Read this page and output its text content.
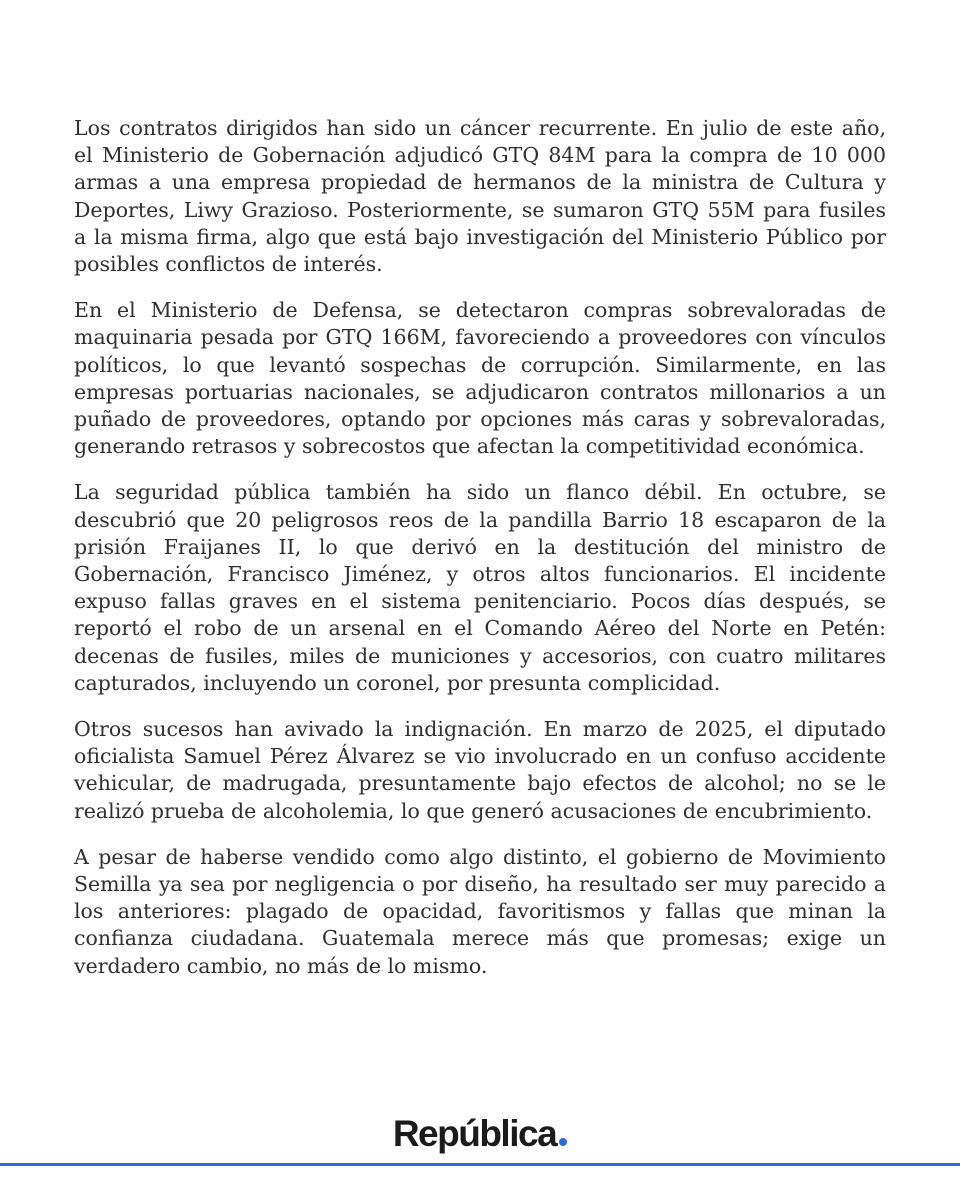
Los contratos dirigidos han sido un cáncer recurrente. En julio de este año, el Ministerio de Gobernación adjudicó GTQ 84M para la compra de 10 000 armas a una empresa propiedad de hermanos de la ministra de Cultura y Deportes, Liwy Grazioso. Posteriormente, se sumaron GTQ 55M para fusiles a la misma firma, algo que está bajo investigación del Ministerio Público por posibles conflictos de interés.

En el Ministerio de Defensa, se detectaron compras sobrevaloradas de maquinaria pesada por GTQ 166M, favoreciendo a proveedores con vínculos políticos, lo que levantó sospechas de corrupción. Similarmente, en las empresas portuarias nacionales, se adjudicaron contratos millonarios a un puñado de proveedores, optando por opciones más caras y sobrevaloradas, generando retrasos y sobrecostos que afectan la competitividad económica.

La seguridad pública también ha sido un flanco débil. En octubre, se descubrió que 20 peligrosos reos de la pandilla Barrio 18 escaparon de la prisión Fraijanes II, lo que derivó en la destitución del ministro de Gobernación, Francisco Jiménez, y otros altos funcionarios. El incidente expuso fallas graves en el sistema penitenciario. Pocos días después, se reportó el robo de un arsenal en el Comando Aéreo del Norte en Petén: decenas de fusiles, miles de municiones y accesorios, con cuatro militares capturados, incluyendo un coronel, por presunta complicidad.

Otros sucesos han avivado la indignación. En marzo de 2025, el diputado oficialista Samuel Pérez Álvarez se vio involucrado en un confuso accidente vehicular, de madrugada, presuntamente bajo efectos de alcohol; no se le realizó prueba de alcoholemia, lo que generó acusaciones de encubrimiento.

A pesar de haberse vendido como algo distinto, el gobierno de Movimiento Semilla ya sea por negligencia o por diseño, ha resultado ser muy parecido a los anteriores: plagado de opacidad, favoritismos y fallas que minan la confianza ciudadana. Guatemala merece más que promesas; exige un verdadero cambio, no más de lo mismo.

República
